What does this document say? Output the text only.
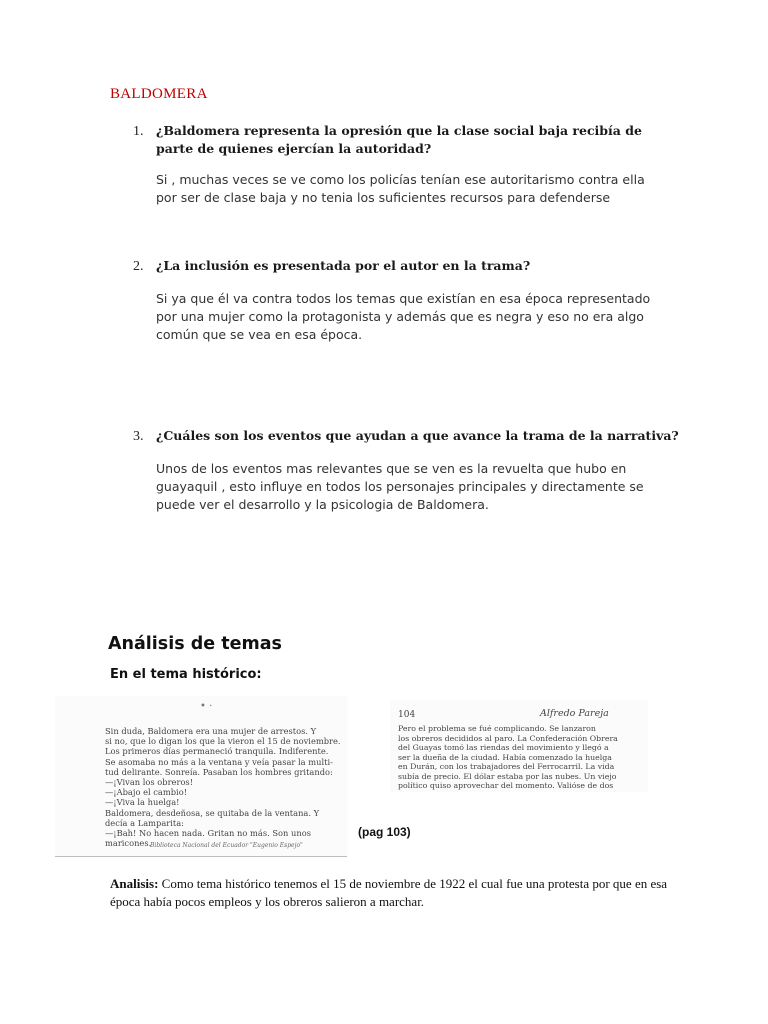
BALDOMERA
1. ¿Baldomera representa la opresión que la clase social baja recibía de parte de quienes ejercían la autoridad?
Si , muchas veces se ve como los policías tenían ese autoritarismo contra ella por ser de clase baja y no tenia los suficientes recursos para defenderse
2. ¿La inclusión es presentada por el autor en la trama?
Si ya que él va contra todos los temas que existían en esa época representado por una mujer como la protagonista y además que es negra y eso no era algo común que se vea en esa época.
3. ¿Cuáles son los eventos que ayudan a que avance la trama de la narrativa?
Unos de los eventos mas relevantes que se ven es la revuelta que hubo en guayaquil , esto influye en todos los personajes principales y directamente se puede ver el desarrollo y la psicologia de Baldomera.
Análisis de temas
En el tema histórico:
• ·

Sin duda, Baldomera era una mujer de arrestos. Y

si no, que lo digan los que la vieron el 15 de noviembre.

Los primeros días permaneció tranquila. Indiferente.

Se asomaba no más a la ventana y veía pasar la multi-

tud delirante. Sonreía. Pasaban los hombres gritando:

—¡Vivan los obreros!

—¡Abajo el cambio!

—¡Viva la huelga!

Baldomera, desdeñosa, se quitaba de la ventana. Y

decía a Lamparita:

—¡Bah! No hacen nada. Gritan no más. Son unos

maricones.

Biblioteca Nacional del Ecuador "Eugenio Espejo"
104	Alfredo Pareja

Pero el problema se fué complicando. Se lanzaron

los obreros decididos al paro. La Confederación Obrera

del Guayas tomó las riendas del movimiento y llegó a

ser la dueña de la ciudad. Había comenzado la huelga

en Durán, con los trabajadores del Ferrocarril. La vida

subía de precio. El dólar estaba por las nubes. Un viejo

político quiso aprovechar del momento. Valióse de dos

(pag 103)
Analisis: Como tema histórico tenemos el 15 de noviembre de 1922 el cual fue una protesta por que en esa época había pocos empleos y los obreros salieron a marchar.
